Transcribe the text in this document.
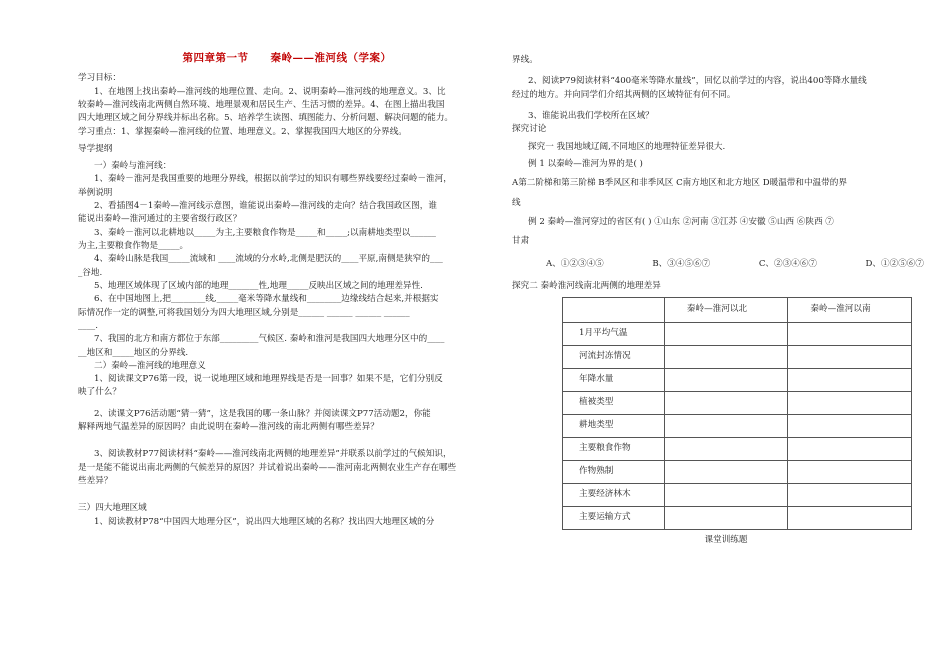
第四章第一节　　秦岭——淮河线（学案）

学习目标：

1、在地图上找出秦岭—淮河线的地理位置、走向。2、说明秦岭—淮河线的地理意义。3、比

较秦岭—淮河线南北两侧自然环境、地理景观和居民生产、生活习惯的差异。4、在图上描出我国

四大地理区域之间分界线并标出名称。5、培养学生读图、填图能力、分析问题、解决问题的能力。

学习重点：1、掌握秦岭—淮河线的位置、地理意义。2、掌握我国四大地区的分界线。

导学提纲

一）秦岭与淮河线：

1、秦岭－淮河是我国重要的地理分界线，根据以前学过的知识有哪些界线要经过秦岭－淮河，

举例说明

2、看插图4－1秦岭—淮河线示意图，谁能说出秦岭—淮河线的走向？结合我国政区图，谁

能说出秦岭—淮河通过的主要省级行政区？

3、秦岭－淮河以北耕地以_____为主,主要粮食作物是_____和_____;以南耕地类型以______

为主,主要粮食作物是_____。

4、秦岭山脉是我国_____流域和 ____流域的分水岭,北侧是肥沃的____平原,南侧是狭窄的___

_谷地.

5、地理区域体现了区域内部的地理_______性,地理_____反映出区域之间的地理差异性.

6、在中国地图上,把________线,_____毫米等降水量线和________边缘线结合起来,并根据实

际情况作一定的调整,可将我国划分为四大地理区域,分别是______ ______ ______ ______

____.

7、我国的北方和南方都位于东部_________气候区. 秦岭和淮河是我国四大地理分区中的____

__地区和_____地区的分界线.

二）秦岭—淮河线的地理意义

1、阅读课文P76第一段，说一说地理区域和地理界线是否是一回事？如果不是，它们分别反

映了什么？

2、读课文P76活动题“猜一猜”，这是我国的哪一条山脉？并阅读课文P77活动题2，你能

解释两地气温差异的原因吗？由此说明在秦岭—淮河线的南北两侧有哪些差异？

3、阅读教材P77阅读材料“秦岭——淮河线南北两侧的地理差异”并联系以前学过的气候知识，

是一是能不能说出南北两侧的气候差异的原因？并试着说出秦岭——淮河南北两侧农业生产存在哪些

些差异？

三）四大地理区域

1、阅读教材P78“中国四大地理分区”，说出四大地理区域的名称？找出四大地理区域的分

界线。

2、阅读P79阅读材料“400毫米等降水量线”，回忆以前学过的内容，说出400等降水量线

经过的地方。并向同学们介绍其两侧的区域特征有何不同。

3、谁能说出我们学校所在区域？

探究讨论

探究一 我国地域辽阔,不同地区的地理特征差异很大.

例 1 以秦岭—淮河为界的是( )

A第二阶梯和第三阶梯 B季风区和非季风区 C南方地区和北方地区 D暖温带和中温带的界

线

例 2 秦岭—淮河穿过的省区有( ) ①山东 ②河南 ③江苏 ④安徽 ⑤山西 ⑥陕西 ⑦

甘肃

A、①②③④⑤	B、③④⑤⑥⑦	C、②③④⑥⑦	D、①②⑤⑥⑦

探究二 秦岭淮河线南北两侧的地理差异

	秦岭—淮河以北	秦岭—淮河以南
1月平均气温		
河流封冻情况		
年降水量		
植被类型		
耕地类型		
主要粮食作物		
作物熟制		
主要经济林木		
主要运输方式		

课堂训练题
